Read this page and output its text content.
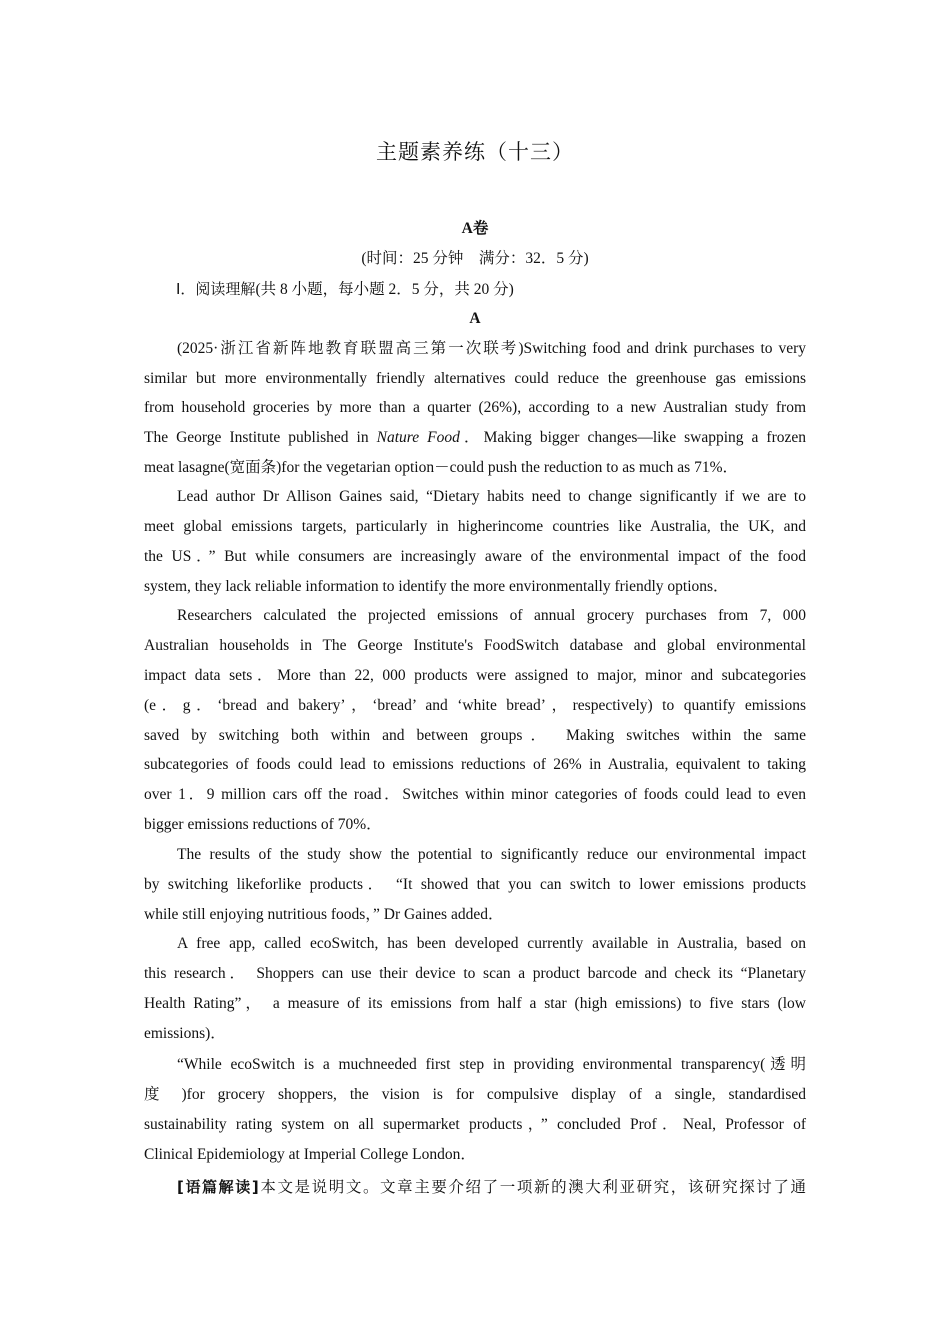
主题素养练（十三）
A卷
(时间：25 分钟　满分：32．5 分)
Ⅰ．阅读理解(共 8 小题，每小题 2．5 分，共 20 分)
A
(2025·浙江省新阵地教育联盟高三第一次联考)Switching food and drink purchases to very
similar but more environmentally friendly alternatives could reduce the greenhouse gas emissions
from household groceries by more than a quarter (26%), according to a new Australian study from
The George Institute published in Nature Food．Making bigger changes—like swapping a frozen
meat lasagne(宽面条)for the vegetarian option－could push the reduction to as much as 71%．
Lead author Dr Allison Gaines said, “Dietary habits need to change significantly if we are to
meet global emissions targets, particularly in higherincome countries like Australia, the UK, and
the US．” But while consumers are increasingly aware of the environmental impact of the food
system, they lack reliable information to identify the more environmentally friendly options．
Researchers calculated the projected emissions of annual grocery purchases from 7, 000
Australian households in The George Institute's FoodSwitch database and global environmental
impact data sets．More than 22, 000 products were assigned to major, minor and subcategories
(e．g．‘bread and bakery’，‘bread’ and ‘white bread’，respectively) to quantify emissions
saved by switching both within and between groups． Making switches within the same
subcategories of foods could lead to emissions reductions of 26% in Australia, equivalent to taking
over 1．9 million cars off the road．Switches within minor categories of foods could lead to even
bigger emissions reductions of 70%．
The results of the study show the potential to significantly reduce our environmental impact
by switching likeforlike products． “It showed that you can switch to lower emissions products
while still enjoying nutritious foods，” Dr Gaines added．
A free app, called ecoSwitch, has been developed currently available in Australia, based on
this research． Shoppers can use their device to scan a product barcode and check its “Planetary
Health Rating”， a measure of its emissions from half a star (high emissions) to five stars (low
emissions)．
“While ecoSwitch is a muchneeded first step in providing environmental transparency(透明
度 )for grocery shoppers, the vision is for compulsive display of a single, standardised
sustainability rating system on all supermarket products，” concluded Prof．Neal, Professor of
Clinical Epidemiology at Imperial College London．
[语篇解读]本文是说明文。文章主要介绍了一项新的澳大利亚研究，该研究探讨了通
